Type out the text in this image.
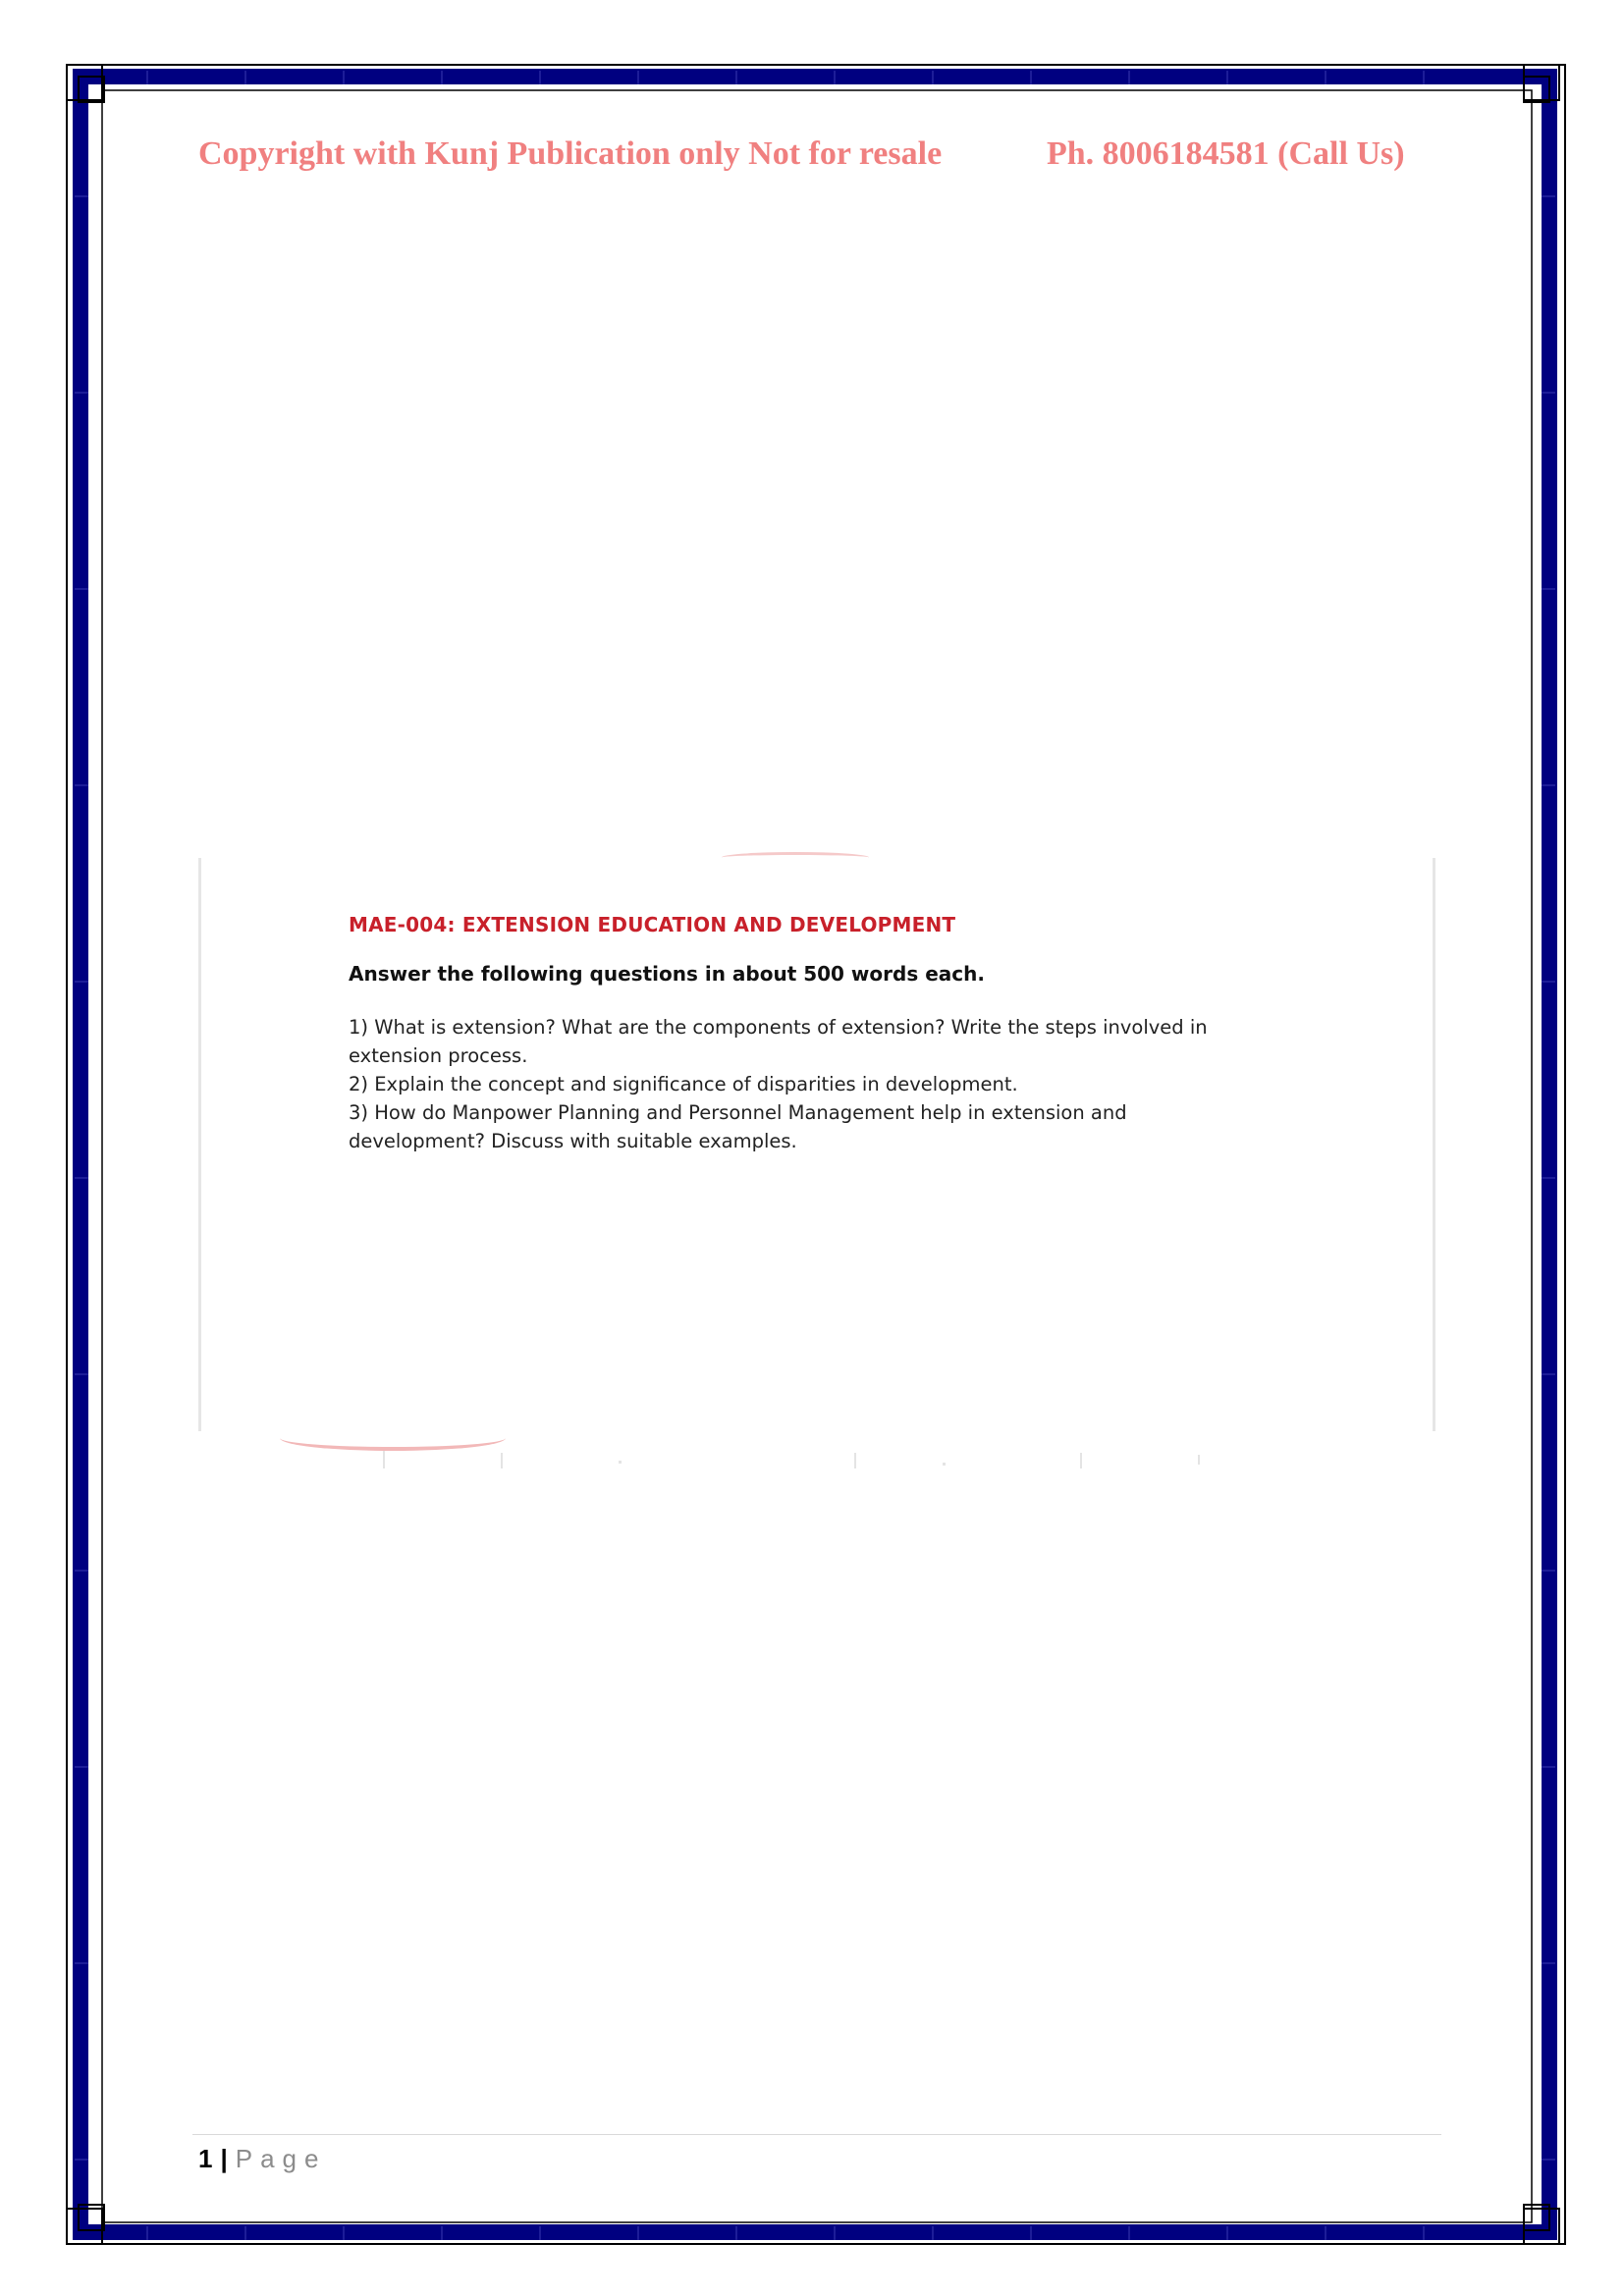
Copyright with Kunj Publication only Not for resale	Ph. 8006184581 (Call Us)

MAE-004: EXTENSION EDUCATION AND DEVELOPMENT

Answer the following questions in about 500 words each.

1) What is extension? What are the components of extension? Write the steps involved in

extension process.

2) Explain the concept and significance of disparities in development.

3) How do Manpower Planning and Personnel Management help in extension and

development? Discuss with suitable examples.

1 | Page
